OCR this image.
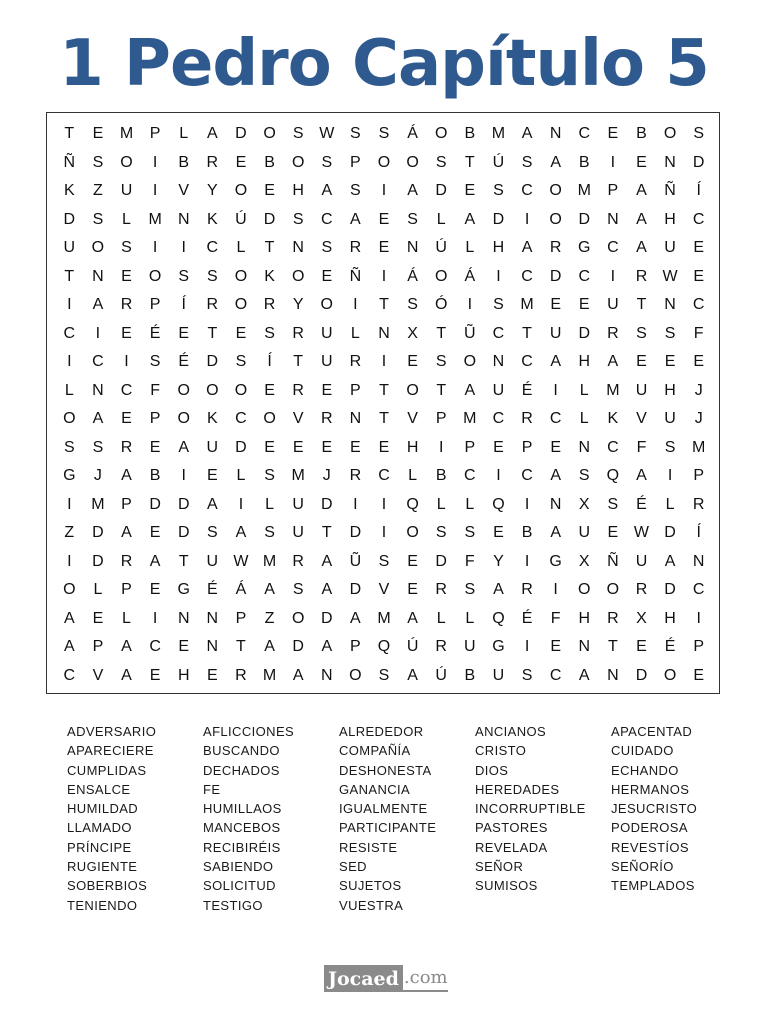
1 Pedro Capítulo 5
T	E	M	P	L	A	D	O	S W S	S	Á	O	B	M	A	N	C	E	B	O	S
Ñ	S	O	I	B	R	E	B	O	S	P	O	O	S	T	Ú	S	A	B	I	E	N	D
K	Z	U	I	V	Y	O	E	H	A	S	I	A	D	E	S	C	O M	P	A	Ñ	Í
D	S	L	M	N	K	Ú	D	S	C	A	E	S	L	A	D	I	O	D	N	A	H	C
U	O	S	I	I	C	L	T	N	S	R	E	N	Ú	L	H	A	R	G	C	A	U	E
T	N	E	O	S	S	O	K	O	E	Ñ	I	Á	O	Á	I	C	D	C	I	R W E
I	A	R	P	Í	R	O	R	Y	O	I	T	S	Ó	I	S	M	E	E	U	T	N	C
C	I	E	É	E	T	E	S	R	U	L	N	X	T	Ũ	C	T	U	D	R	S	S	F
I	C	I	S	É	D	S	Í	T	U	R	I	E	S	O	N	C	A	H	A	E	E	E
L	N	C	F	O	O	O	E	R	E	P	T	O	T	A	U	É	I	L	M	U	H	J
O	A	E	P	O	K	C	O	V	R	N	T	V	P	M	C	R	C	L	K	V	U	J
S	S	R	E	A	U	D	E	E	E	E	E	H	I	P	E	P	E	N	C	F	S	M
G	J	A	B	I	E	L	S	M	J	R	C	L	B	C	I	C	A	S	Q	A	I	P
I	M	P	D	D	A	I	L	U	D	I	I	Q	L	L	Q	I	N	X	S	É	L	R
Z	D	A	E	D	S	A	S	U	T	D	I	O	S	S	E	B	A	U	E W D	Í
I	D	R	A	T	U W M	R	A	Ũ	S	E	D	F	Y	I	G	X	Ñ	U	A	N
O	L	P	E	G	É	Á	A	S	A	D	V	E	R	S	A	R	I	O	O	R	D	C
A	E	L	I	N	N	P	Z	O	D	A	M	A	L	L	Q	É	F	H	R	X	H	I
A	P	A	C	E	N	T	A	D	A	P	Q	Ú	R	U	G	I	E	N	T	E	É	P
C	V	A	E	H	E	R	M	A	N	O	S	A	Ú	B	U	S	C	A	N	D	O	E
ADVERSARIO
APARECIERE
CUMPLIDAS
ENSALCE
HUMILDAD
LLAMADO
PRÍNCIPE
RUGIENTE
SOBERBIOS
TENIENDO
AFLICCIONES
BUSCANDO
DECHADOS
FE
HUMILLAOS
MANCEBOS
RECIBIRÉIS
SABIENDO
SOLICITUD
TESTIGO
ALREDEDOR
COMPAÑÍA
DESHONESTA
GANANCIA
IGUALMENTE
PARTICIPANTE
RESISTE
SED
SUJETOS
VUESTRA
ANCIANOS
CRISTO
DIOS
HEREDADES
INCORRUPTIBLE
PASTORES
REVELADA
SEÑOR
SUMISOS
APACENTAD
CUIDADO
ECHANDO
HERMANOS
JESUCRISTO
PODEROSA
REVESTÍOS
SEÑORÍO
TEMPLADOS
Jocaed .com
